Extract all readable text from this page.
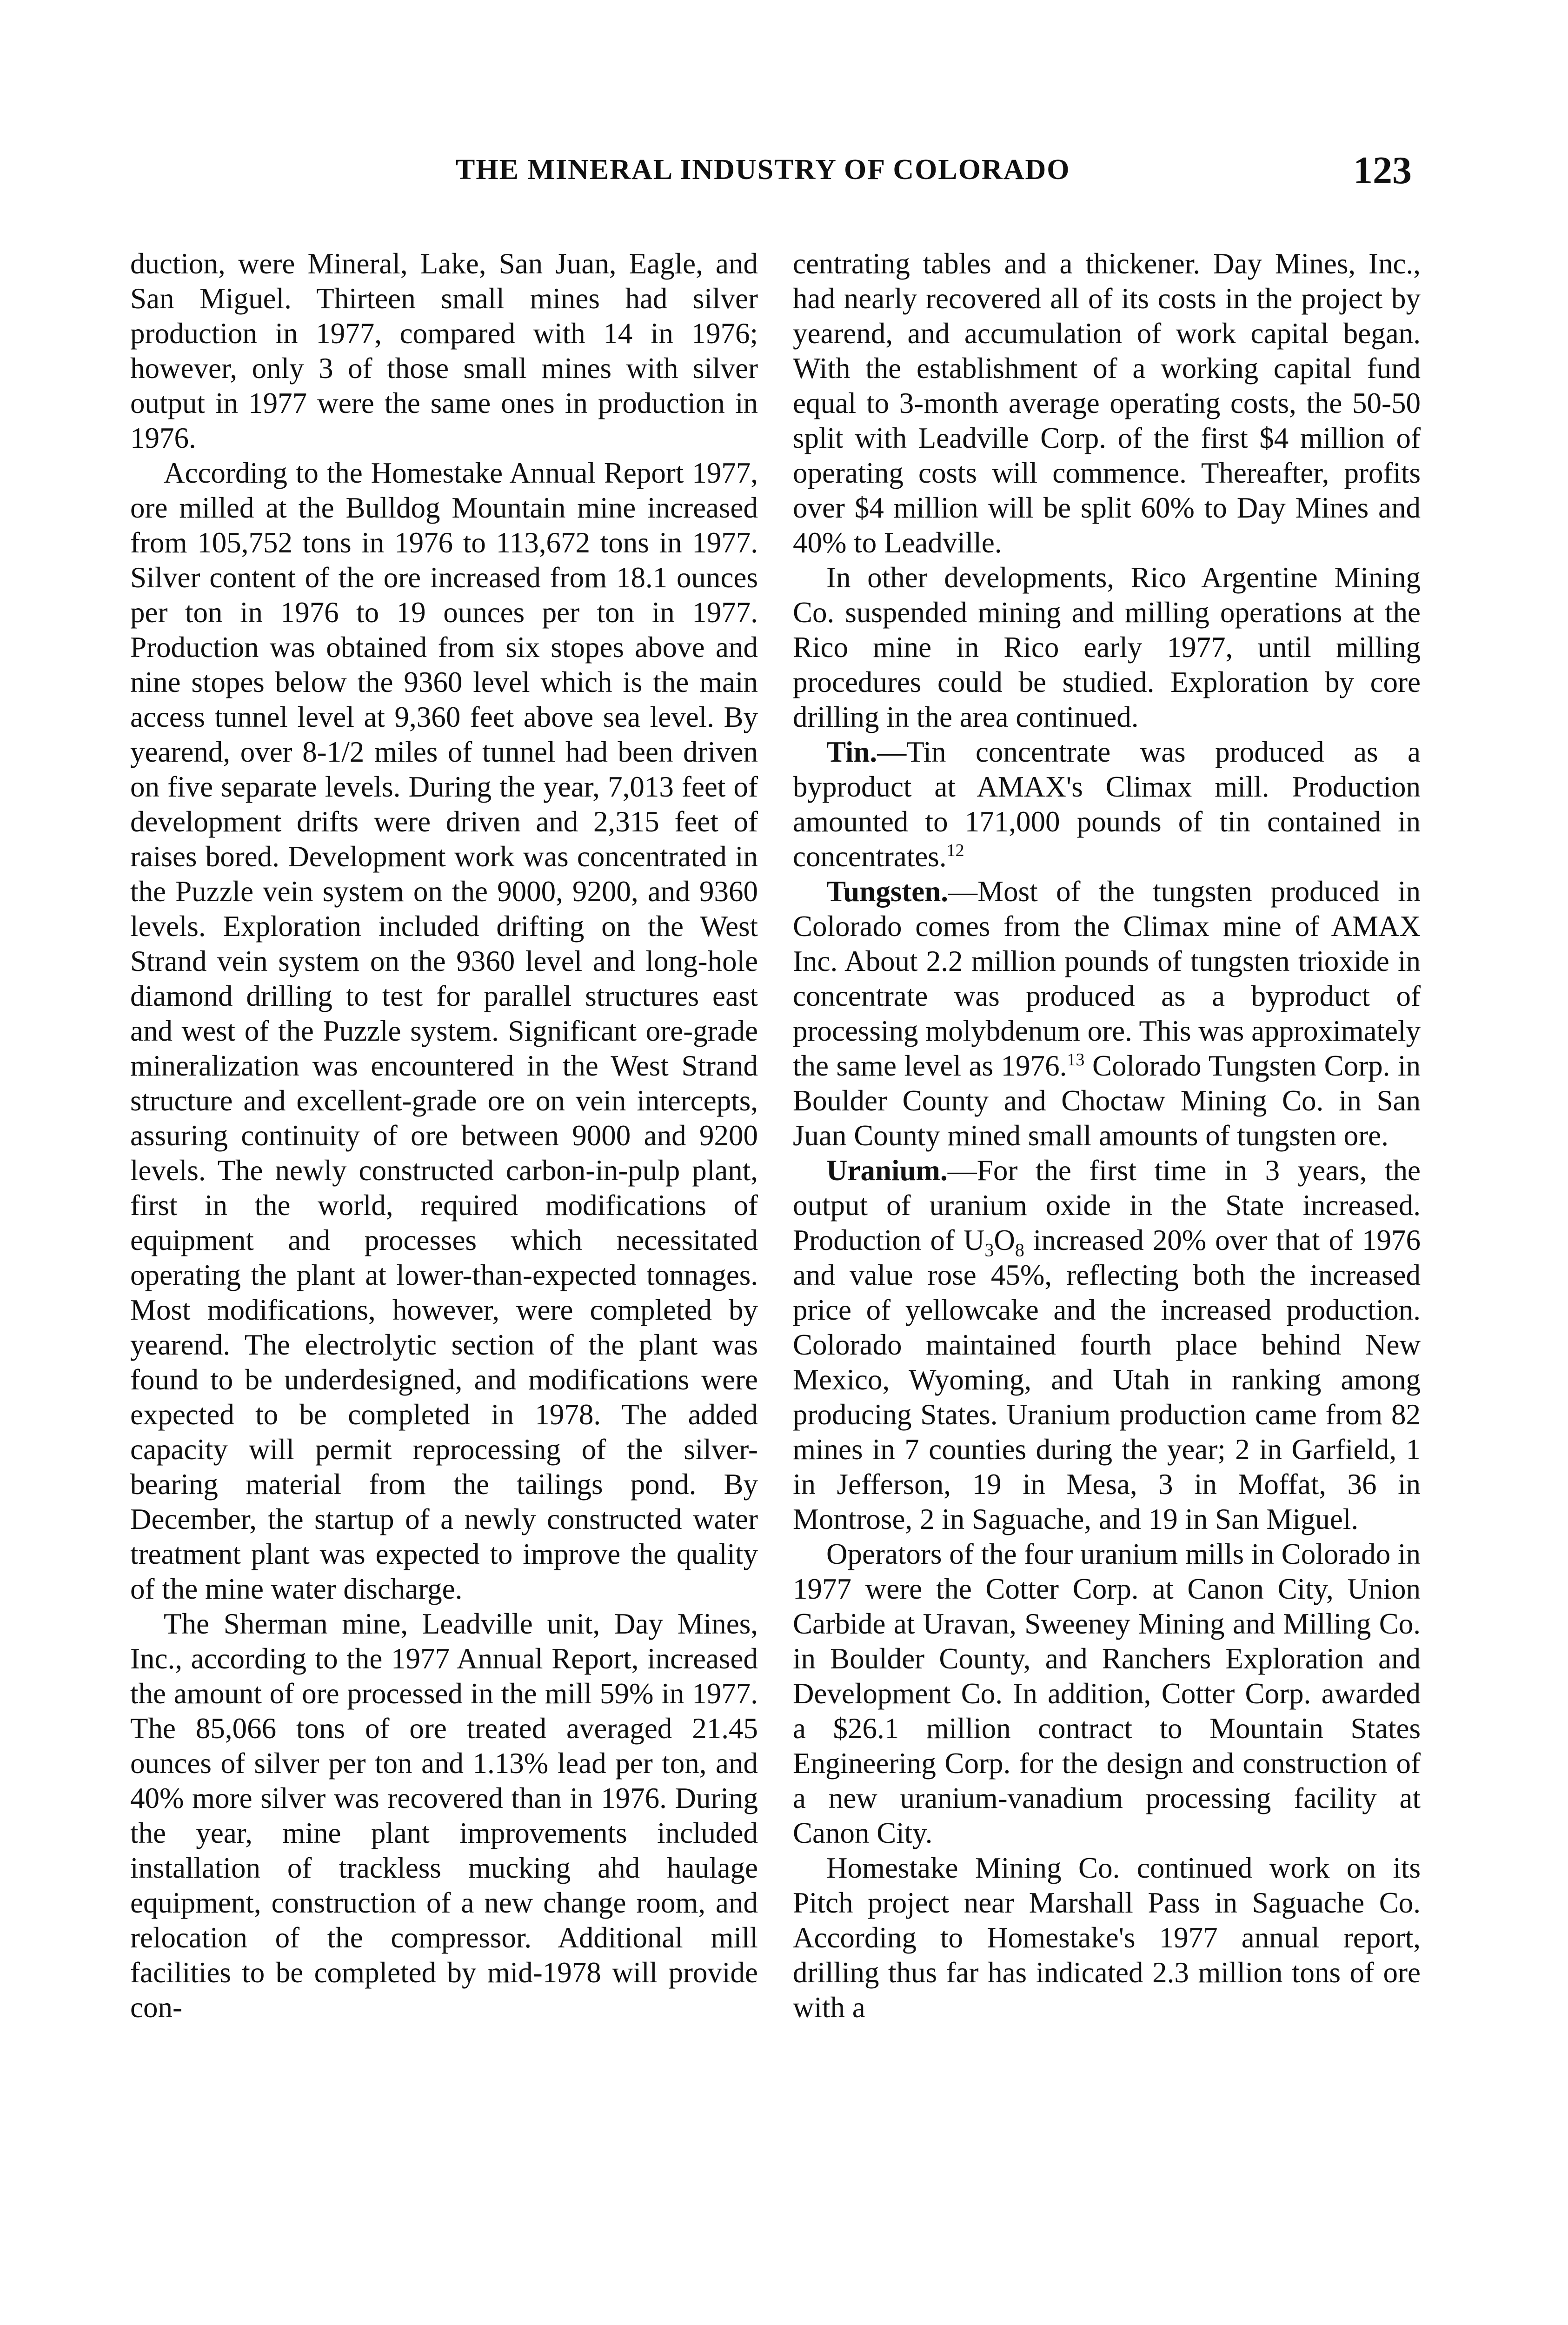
THE MINERAL INDUSTRY OF COLORADO	123

duction, were Mineral, Lake, San Juan, Eagle, and San Miguel. Thirteen small mines had silver production in 1977, compared with 14 in 1976; however, only 3 of those small mines with silver output in 1977 were the same ones in production in 1976.

According to the Homestake Annual Report 1977, ore milled at the Bulldog Mountain mine increased from 105,752 tons in 1976 to 113,672 tons in 1977. Silver content of the ore increased from 18.1 ounces per ton in 1976 to 19 ounces per ton in 1977. Production was obtained from six stopes above and nine stopes below the 9360 level which is the main access tunnel level at 9,360 feet above sea level. By yearend, over 8-1/2 miles of tunnel had been driven on five separate levels. During the year, 7,013 feet of development drifts were driven and 2,315 feet of raises bored. Development work was concentrated in the Puzzle vein system on the 9000, 9200, and 9360 levels. Exploration included drifting on the West Strand vein system on the 9360 level and long-hole diamond drilling to test for parallel structures east and west of the Puzzle system. Significant ore-grade mineralization was encountered in the West Strand structure and excellent-grade ore on vein intercepts, assuring continuity of ore between 9000 and 9200 levels. The newly constructed carbon-in-pulp plant, first in the world, required modifications of equipment and processes which necessitated operating the plant at lower-than-expected tonnages. Most modifications, however, were completed by yearend. The electrolytic section of the plant was found to be underdesigned, and modifications were expected to be completed in 1978. The added capacity will permit reprocessing of the silver-bearing material from the tailings pond. By December, the startup of a newly constructed water treatment plant was expected to improve the quality of the mine water discharge.

The Sherman mine, Leadville unit, Day Mines, Inc., according to the 1977 Annual Report, increased the amount of ore processed in the mill 59% in 1977. The 85,066 tons of ore treated averaged 21.45 ounces of silver per ton and 1.13% lead per ton, and 40% more silver was recovered than in 1976. During the year, mine plant improvements included installation of trackless mucking ahd haulage equipment, construction of a new change room, and relocation of the compressor. Additional mill facilities to be completed by mid-1978 will provide con-

centrating tables and a thickener. Day Mines, Inc., had nearly recovered all of its costs in the project by yearend, and accumulation of work capital began. With the establishment of a working capital fund equal to 3-month average operating costs, the 50-50 split with Leadville Corp. of the first $4 million of operating costs will commence. Thereafter, profits over $4 million will be split 60% to Day Mines and 40% to Leadville.

In other developments, Rico Argentine Mining Co. suspended mining and milling operations at the Rico mine in Rico early 1977, until milling procedures could be studied. Exploration by core drilling in the area continued.

Tin.—Tin concentrate was produced as a byproduct at AMAX's Climax mill. Production amounted to 171,000 pounds of tin contained in concentrates.$^{12}$

Tungsten.—Most of the tungsten produced in Colorado comes from the Climax mine of AMAX Inc. About 2.2 million pounds of tungsten trioxide in concentrate was produced as a byproduct of processing molybdenum ore. This was approximately the same level as 1976.13 Colorado Tungsten Corp. in Boulder County and Choctaw Mining Co. in San Juan County mined small amounts of tungsten ore.

Uranium.—For the first time in 3 years, the output of uranium oxide in the State increased. Production of $U_3O_8$ increased 20% over that of 1976 and value rose 45%, reflecting both the increased price of yellowcake and the increased production. Colorado maintained fourth place behind New Mexico, Wyoming, and Utah in ranking among producing States. Uranium production came from 82 mines in 7 counties during the year; 2 in Garfield, 1 in Jefferson, 19 in Mesa, 3 in Moffat, 36 in Montrose, 2 in Saguache, and 19 in San Miguel.

Operators of the four uranium mills in Colorado in 1977 were the Cotter Corp. at Canon City, Union Carbide at Uravan, Sweeney Mining and Milling Co. in Boulder County, and Ranchers Exploration and Development Co. In addition, Cotter Corp. awarded a $26.1 million contract to Mountain States Engineering Corp. for the design and construction of a new uranium-vanadium processing facility at Canon City.

Homestake Mining Co. continued work on its Pitch project near Marshall Pass in Saguache Co. According to Homestake's 1977 annual report, drilling thus far has indicated 2.3 million tons of ore with a
